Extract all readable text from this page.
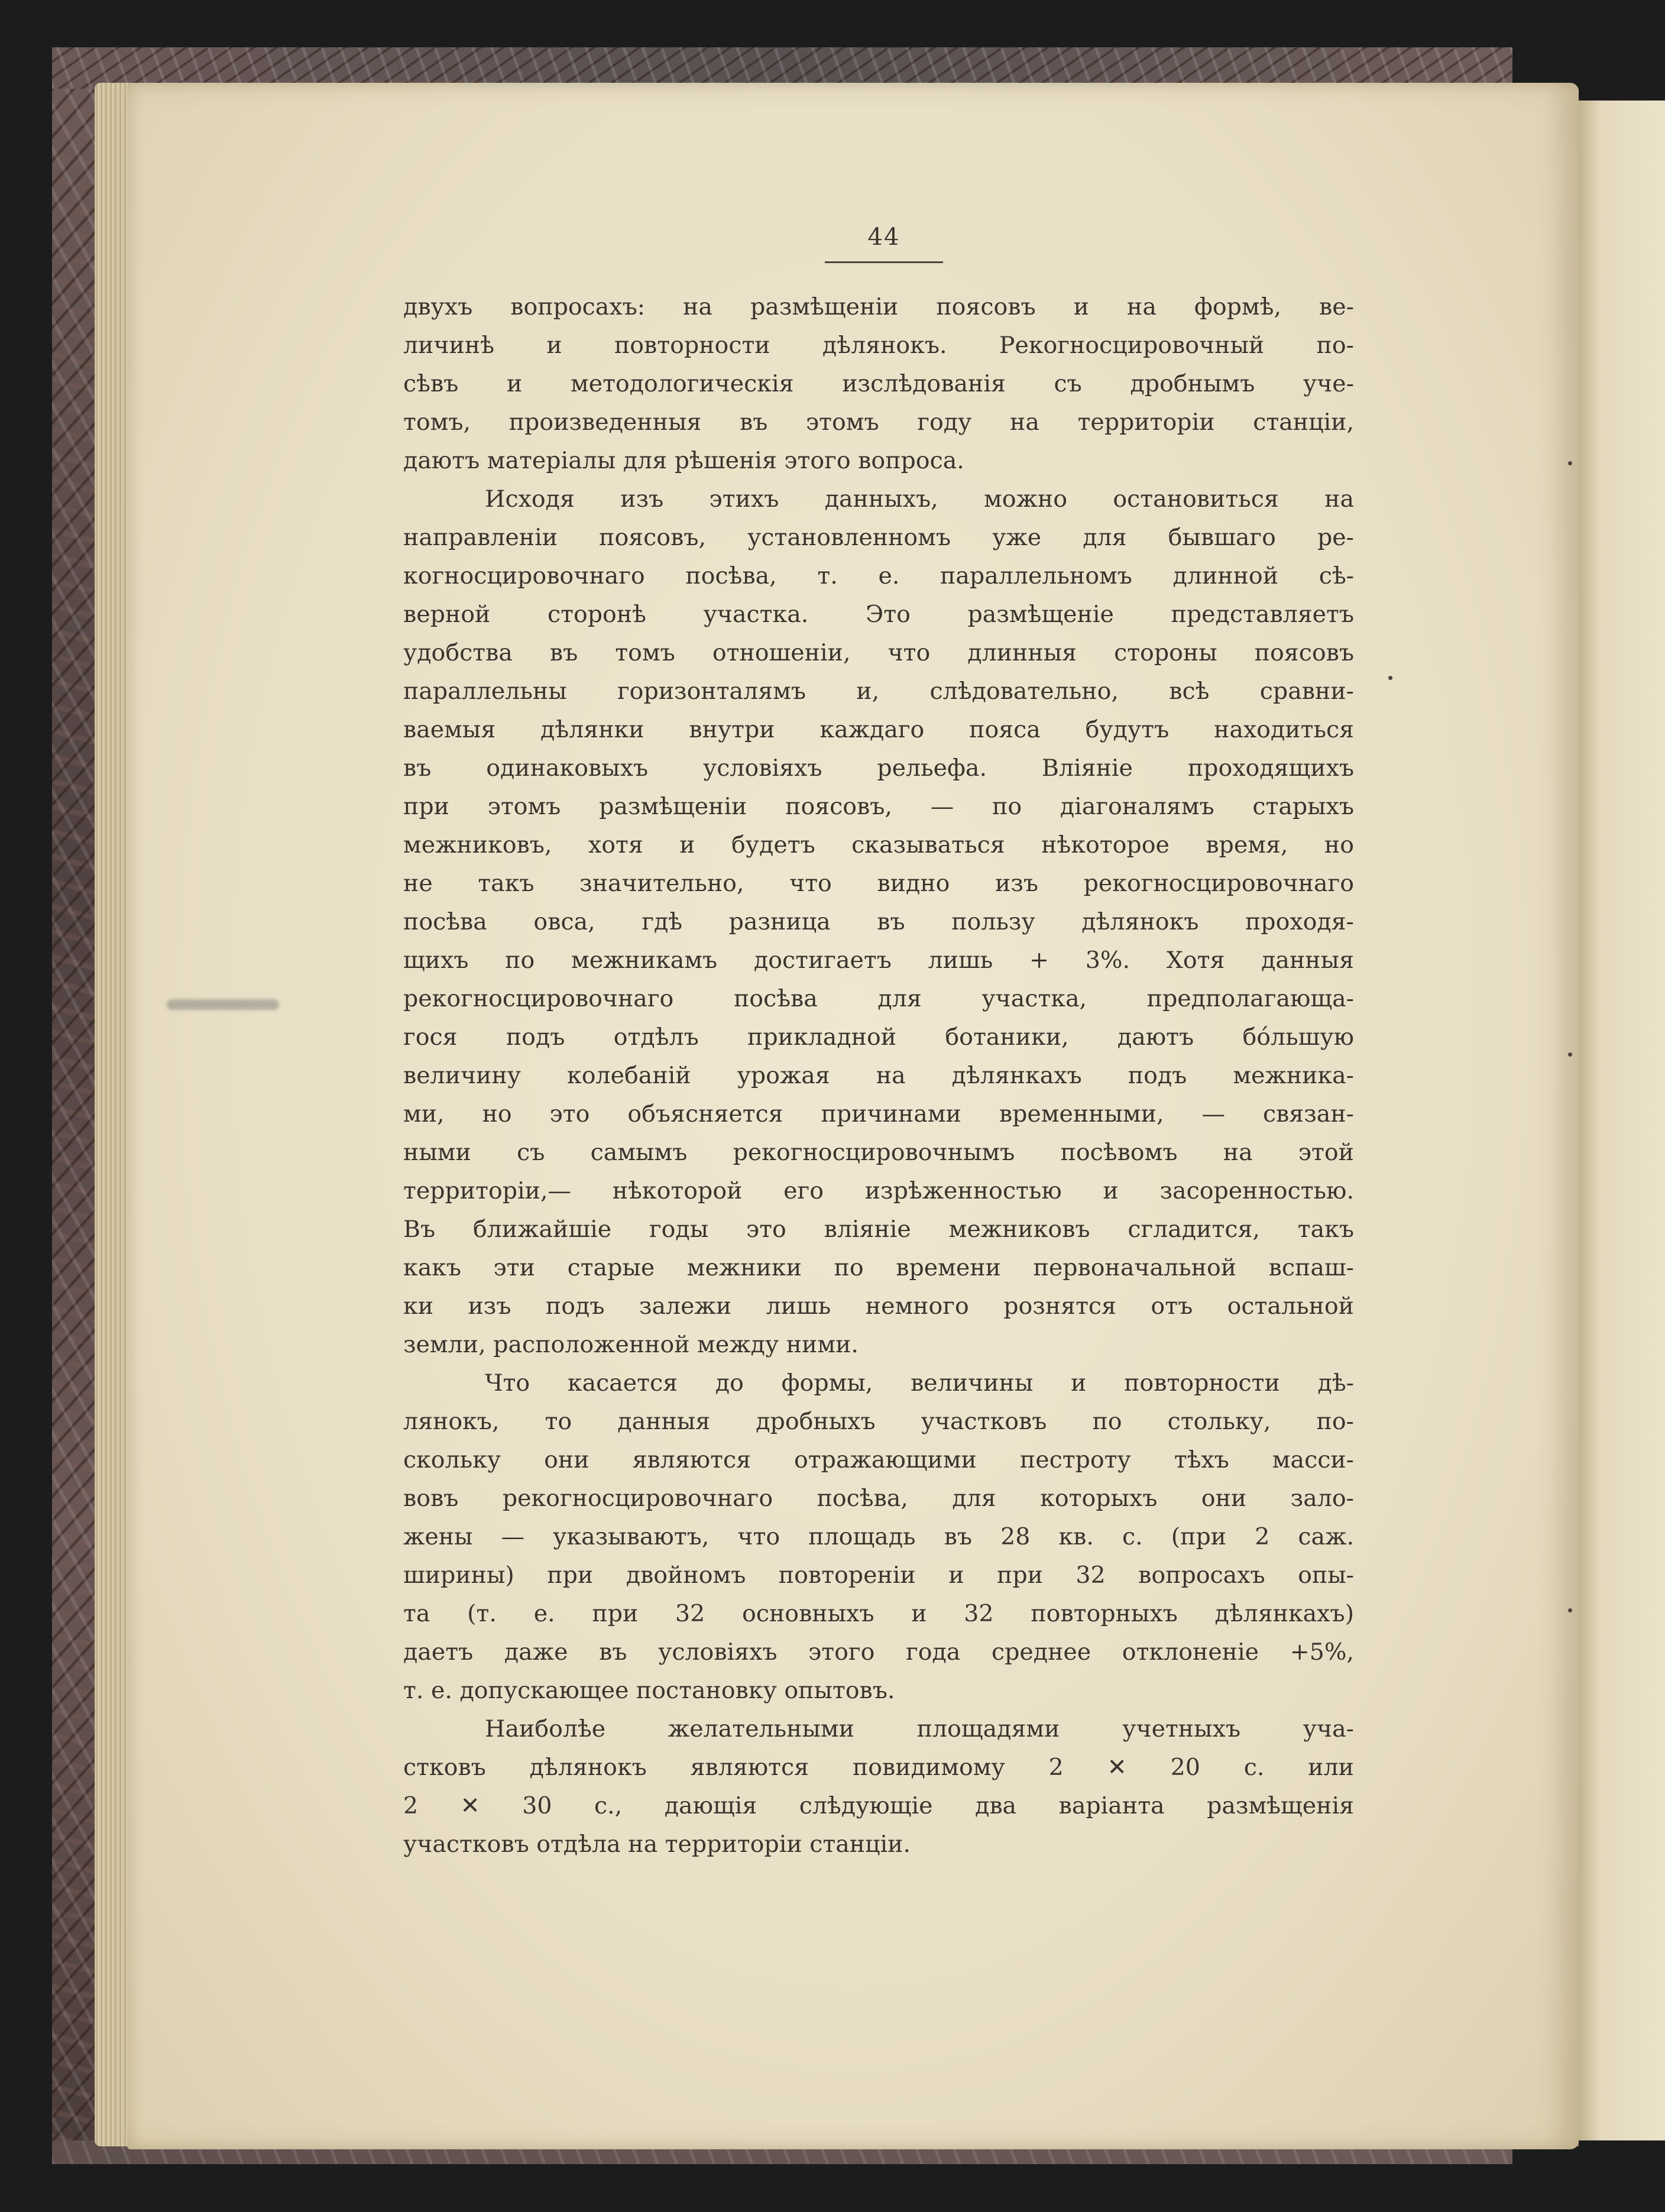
44
двухъ вопросахъ: на размѣщеніи поясовъ и на формѣ, ве-
личинѣ и повторности дѣлянокъ. Рекогносцировочный по-
сѣвъ и методологическія изслѣдованія съ дробнымъ уче-
томъ, произведенныя въ этомъ году на территоріи станціи,
даютъ матеріалы для рѣшенія этого вопроса.
Исходя изъ этихъ данныхъ, можно остановиться на
направленіи поясовъ, установленномъ уже для бывшаго ре-
когносцировочнаго посѣва, т. е. параллельномъ длинной сѣ-
верной сторонѣ участка. Это размѣщеніе представляетъ
удобства въ томъ отношеніи, что длинныя стороны поясовъ
параллельны горизонталямъ и, слѣдовательно, всѣ сравни-
ваемыя дѣлянки внутри каждаго пояса будутъ находиться
въ одинаковыхъ условіяхъ рельефа. Вліяніе проходящихъ
при этомъ размѣщеніи поясовъ, — по діагоналямъ старыхъ
межниковъ, хотя и будетъ сказываться нѣкоторое время, но
не такъ значительно, что видно изъ рекогносцировочнаго
посѣва овса, гдѣ разница въ пользу дѣлянокъ проходя-
щихъ по межникамъ достигаетъ лишь + 3%. Хотя данныя
рекогносцировочнаго посѣва для участка, предполагающа-
гося подъ отдѣлъ прикладной ботаники, даютъ бо́льшую
величину колебаній урожая на дѣлянкахъ подъ межника-
ми, но это объясняется причинами временными, — связан-
ными съ самымъ рекогносцировочнымъ посѣвомъ на этой
территоріи,— нѣкоторой его изрѣженностью и засоренностью.
Въ ближайшіе годы это вліяніе межниковъ сгладится, такъ
какъ эти старые межники по времени первоначальной вспаш-
ки изъ подъ залежи лишь немного рознятся отъ остальной
земли, расположенной между ними.
Что касается до формы, величины и повторности дѣ-
лянокъ, то данныя дробныхъ участковъ по стольку, по-
скольку они являются отражающими пестроту тѣхъ масси-
вовъ рекогносцировочнаго посѣва, для которыхъ они зало-
жены — указываютъ, что площадь въ 28 кв. с. (при 2 саж.
ширины) при двойномъ повтореніи и при 32 вопросахъ опы-
та (т. е. при 32 основныхъ и 32 повторныхъ дѣлянкахъ)
даетъ даже въ условіяхъ этого года среднее отклоненіе +5%,
т. е. допускающее постановку опытовъ.
Наиболѣе желательными площадями учетныхъ уча-
стковъ дѣлянокъ являются повидимому 2 ✕ 20 с. или
2 ✕ 30 с., дающія слѣдующіе два варіанта размѣщенія
участковъ отдѣла на территоріи станціи.
